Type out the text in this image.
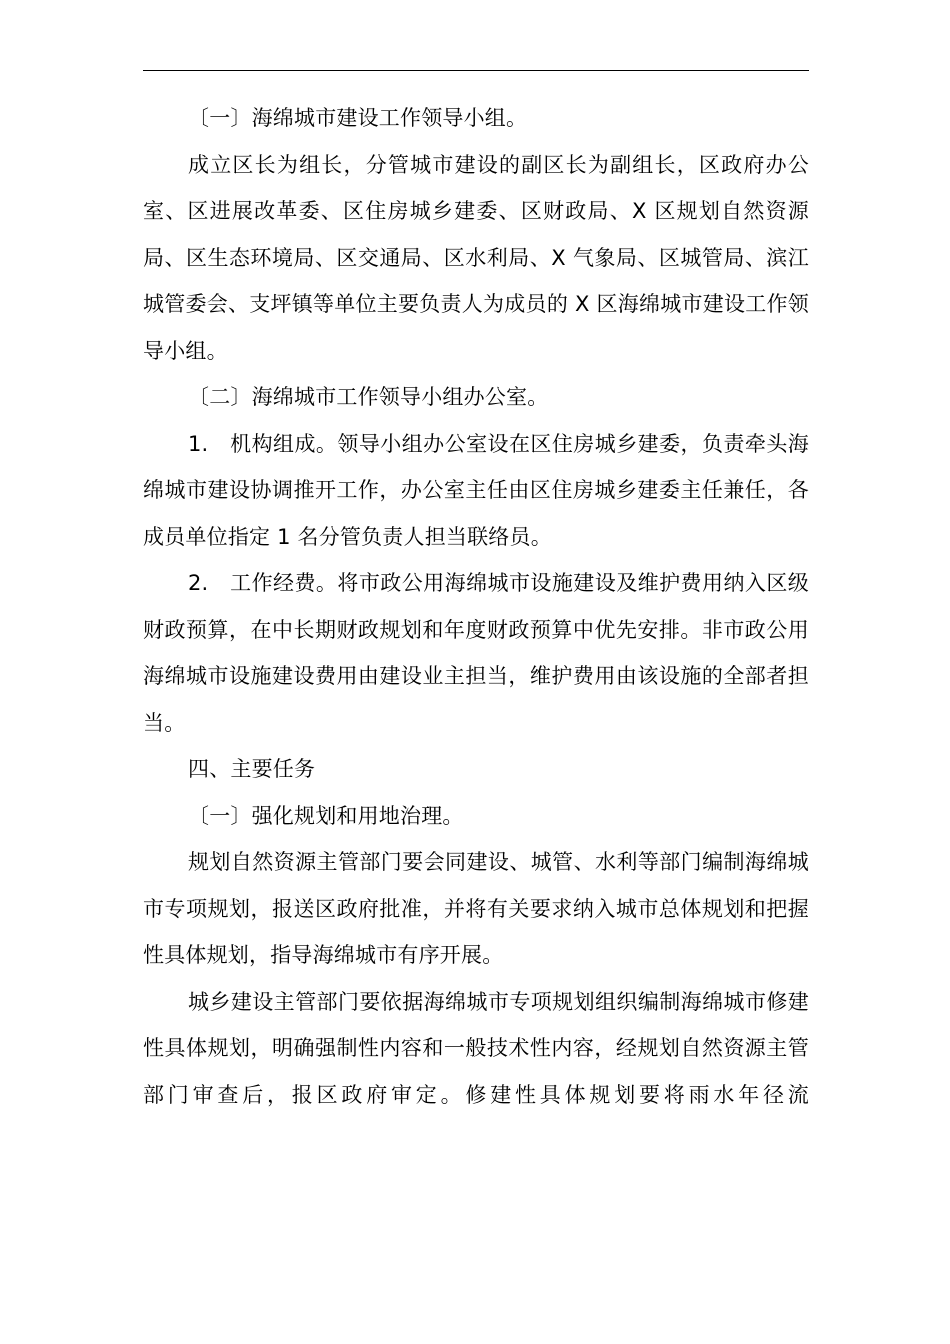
〔一〕海绵城市建设工作领导小组。

成立区长为组长，分管城市建设的副区长为副组长，区政府办公室、区进展改革委、区住房城乡建委、区财政局、X 区规划自然资源局、区生态环境局、区交通局、区水利局、X 气象局、区城管局、滨江城管委会、支坪镇等单位主要负责人为成员的 X 区海绵城市建设工作领导小组。

〔二〕海绵城市工作领导小组办公室。

1.　机构组成。领导小组办公室设在区住房城乡建委，负责牵头海绵城市建设协调推开工作，办公室主任由区住房城乡建委主任兼任，各成员单位指定 1 名分管负责人担当联络员。

2.　工作经费。将市政公用海绵城市设施建设及维护费用纳入区级财政预算，在中长期财政规划和年度财政预算中优先安排。非市政公用海绵城市设施建设费用由建设业主担当，维护费用由该设施的全部者担当。

四、主要任务

〔一〕强化规划和用地治理。

规划自然资源主管部门要会同建设、城管、水利等部门编制海绵城市专项规划，报送区政府批准，并将有关要求纳入城市总体规划和把握性具体规划，指导海绵城市有序开展。

城乡建设主管部门要依据海绵城市专项规划组织编制海绵城市修建性具体规划，明确强制性内容和一般技术性内容，经规划自然资源主管部门审查后，报区政府审定。修建性具体规划要将雨水年径流
